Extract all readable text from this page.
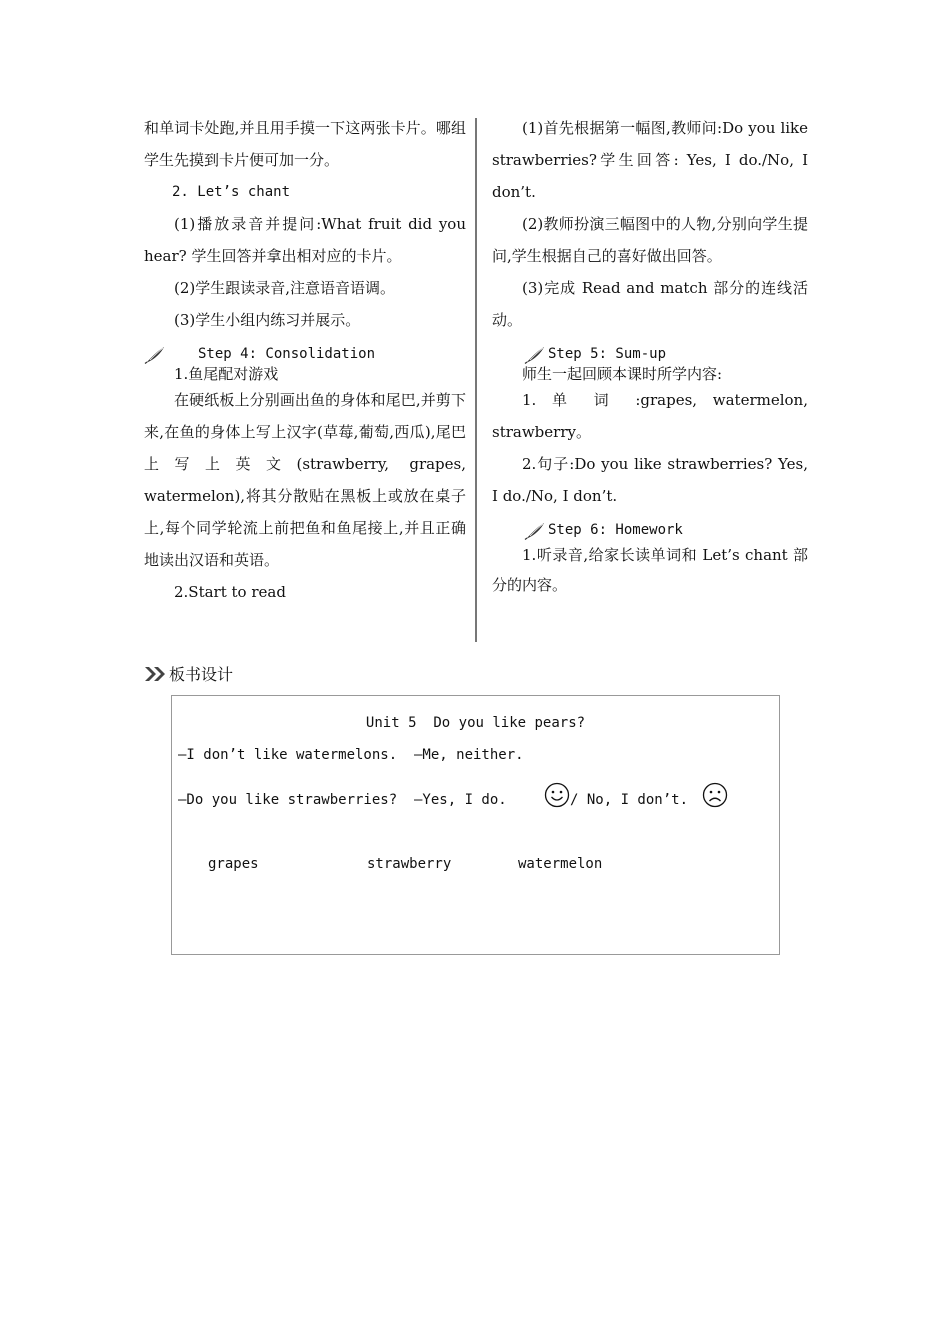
和单词卡处跑,并且用手摸一下这两张卡片。哪组学生先摸到卡片便可加一分。

2. Let’s chant

(1)播放录音并提问:What fruit did you hear? 学生回答并拿出相对应的卡片。

(2)学生跟读录音,注意语音语调。

(3)学生小组内练习并展示。

Step 4: Consolidation

1.鱼尾配对游戏

在硬纸板上分别画出鱼的身体和尾巴,并剪下来,在鱼的身体上写上汉字(草莓,葡萄,西瓜),尾巴上写上英文(strawberry, grapes, watermelon),将其分散贴在黑板上或放在桌子上,每个同学轮流上前把鱼和鱼尾接上,并且正确地读出汉语和英语。

2.Start to read

(1)首先根据第一幅图,教师问:Do you like strawberries?学生回答: Yes, I do./No, I don’t.

(2)教师扮演三幅图中的人物,分别向学生提问,学生根据自己的喜好做出回答。

(3)完成 Read and match 部分的连线活动。

Step 5: Sum-up

师生一起回顾本课时所学内容:

1. 单 词 :grapes, watermelon, strawberry。

2.句子:Do you like strawberries? Yes, I do./No, I don’t.

Step 6: Homework

1.听录音,给家长读单词和 Let’s chant 部分的内容。

板书设计
Unit 5  Do you like pears?
—I don’t like watermelons.  —Me, neither.
—Do you like strawberries?  —Yes, I do.	/ No, I don’t.
grapes	strawberry	watermelon
